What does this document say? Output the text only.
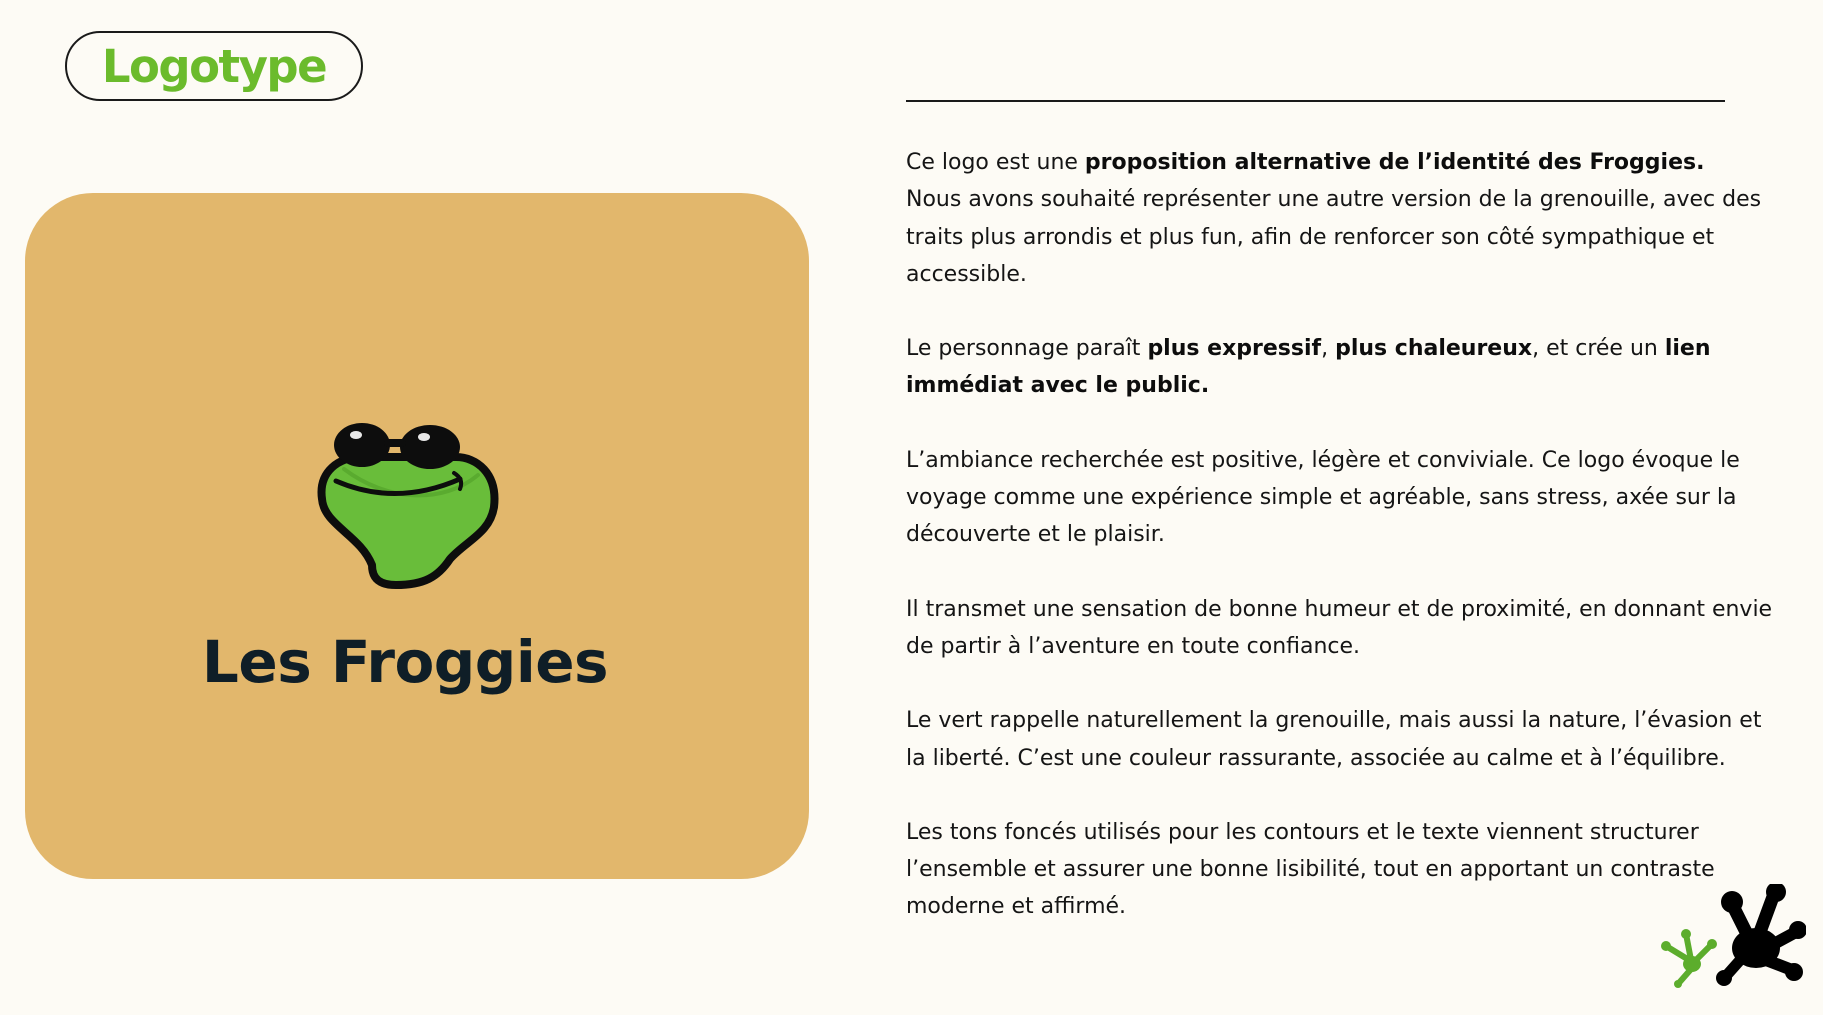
Logotype
Les Froggies

Ce logo est une proposition alternative de l’identité des Froggies.
Nous avons souhaité représenter une autre version de la grenouille, avec des traits plus arrondis et plus fun, afin de renforcer son côté sympathique et accessible.

Le personnage paraît plus expressif, plus chaleureux, et crée un lien immédiat avec le public.

L’ambiance recherchée est positive, légère et conviviale. Ce logo évoque le voyage comme une expérience simple et agréable, sans stress, axée sur la découverte et le plaisir.

Il transmet une sensation de bonne humeur et de proximité, en donnant envie de partir à l’aventure en toute confiance.

Le vert rappelle naturellement la grenouille, mais aussi la nature, l’évasion et la liberté. C’est une couleur rassurante, associée au calme et à l’équilibre.

Les tons foncés utilisés pour les contours et le texte viennent structurer l’ensemble et assurer une bonne lisibilité, tout en apportant un contraste moderne et affirmé.
